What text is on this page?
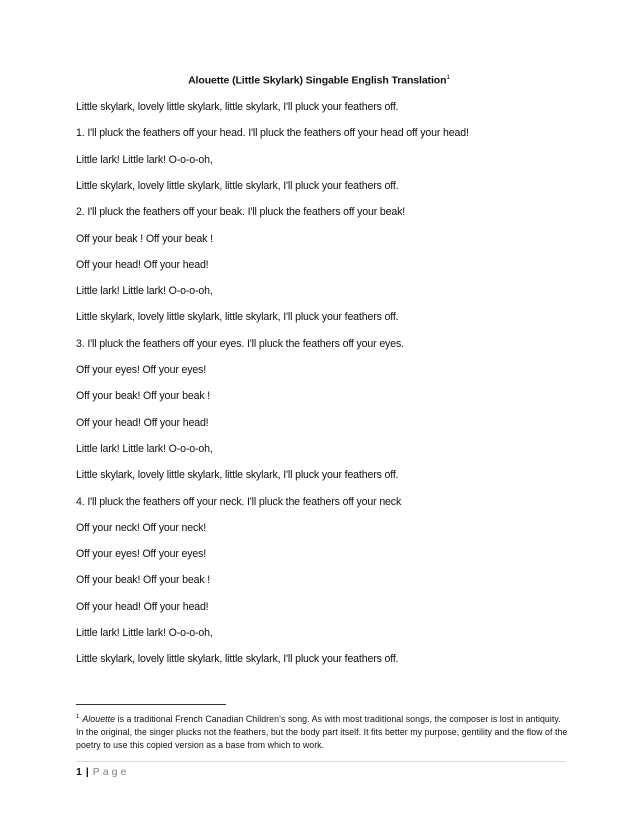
Alouette (Little Skylark) Singable English Translation$^1$
Little skylark, lovely little skylark, little skylark, I'll pluck your feathers off.
1. I'll pluck the feathers off your head. I'll pluck the feathers off your head off your head!
Little lark! Little lark! O-o-o-oh,
Little skylark, lovely little skylark, little skylark, I'll pluck your feathers off.
2. I'll pluck the feathers off your beak. I'll pluck the feathers off your beak!
Off your beak ! Off your beak !
Off your head! Off your head!
Little lark! Little lark! O-o-o-oh,
Little skylark, lovely little skylark, little skylark, I'll pluck your feathers off.
3. I'll pluck the feathers off your eyes. I'll pluck the feathers off your eyes.
Off your eyes! Off your eyes!
Off your beak! Off your beak !
Off your head! Off your head!
Little lark! Little lark! O-o-o-oh,
Little skylark, lovely little skylark, little skylark, I'll pluck your feathers off.
4. I'll pluck the feathers off your neck. I'll pluck the feathers off your neck
Off your neck! Off your neck!
Off your eyes! Off your eyes!
Off your beak! Off your beak !
Off your head! Off your head!
Little lark! Little lark! O-o-o-oh,
Little skylark, lovely little skylark, little skylark, I'll pluck your feathers off.
$^1$ Alouette is a traditional French Canadian Children’s song. As with most traditional songs, the composer is lost in antiquity. In the original, the singer plucks not the feathers, but the body part itself. It fits better my purpose, gentility and the flow of the poetry to use this copied version as a base from which to work.
1 | Page
